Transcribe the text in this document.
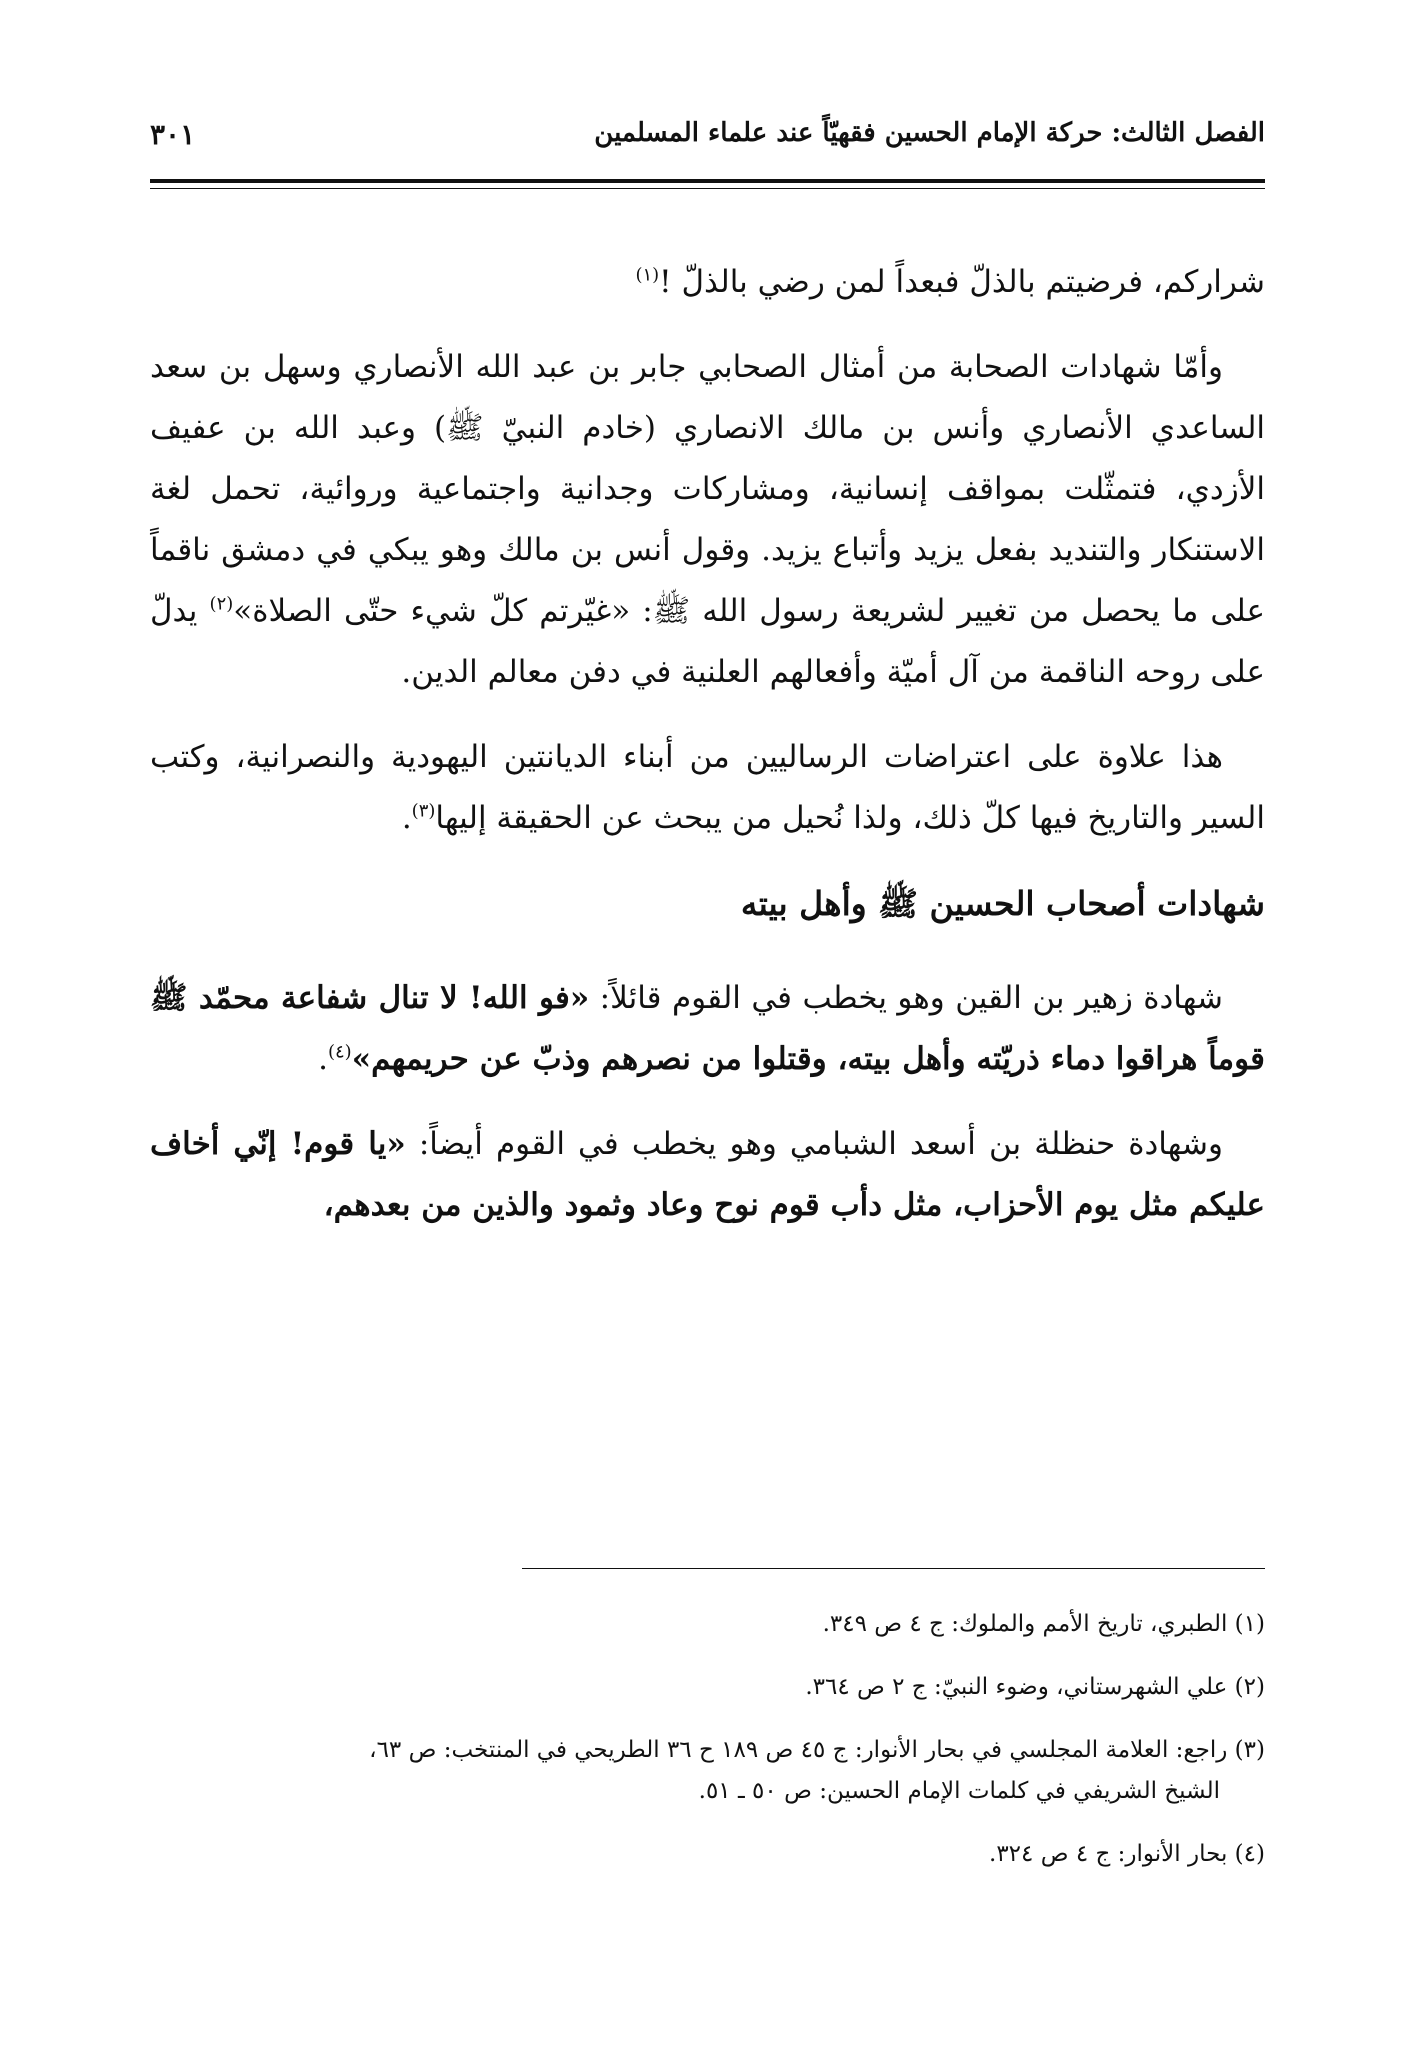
الفصل الثالث: حركة الإمام الحسين فقهيّاً عند علماء المسلمين
٣٠١

شراركم، فرضيتم بالذلّ فبعداً لمن رضي بالذلّ !$^{(١)}$

وأمّا شهادات الصحابة من أمثال الصحابي جابر بن عبد الله الأنصاري وسهل بن سعد الساعدي الأنصاري وأنس بن مالك الانصاري (خادم النبيّ ﷺ) وعبد الله بن عفيف الأزدي، فتمثّلت بمواقف إنسانية، ومشاركات وجدانية واجتماعية وروائية، تحمل لغة الاستنكار والتنديد بفعل يزيد وأتباع يزيد. وقول أنس بن مالك وهو يبكي في دمشق ناقماً على ما يحصل من تغيير لشريعة رسول الله ﷺ: «غيّرتم كلّ شيء حتّى الصلاة»$^{(٢)}$ يدلّ على روحه الناقمة من آل أميّة وأفعالهم العلنية في دفن معالم الدين.

هذا علاوة على اعتراضات الرساليين من أبناء الديانتين اليهودية والنصرانية، وكتب السير والتاريخ فيها كلّ ذلك، ولذا نُحيل من يبحث عن الحقيقة إليها$^{(٣)}$.

شهادات أصحاب الحسين ﷺ وأهل بيته

شهادة زهير بن القين وهو يخطب في القوم قائلاً: «فو الله! لا تنال شفاعة محمّد ﷺ قوماً هراقوا دماء ذريّته وأهل بيته، وقتلوا من نصرهم وذبّ عن حريمهم»$^{(٤)}$.

وشهادة حنظلة بن أسعد الشبامي وهو يخطب في القوم أيضاً: «يا قوم! إنّي أخاف عليكم مثل يوم الأحزاب، مثل دأب قوم نوح وعاد وثمود والذين من بعدهم،

(١) الطبري، تاريخ الأمم والملوك: ج ٤ ص ٣٤٩.

(٢) علي الشهرستاني، وضوء النبيّ: ج ٢ ص ٣٦٤.

(٣) راجع: العلامة المجلسي في بحار الأنوار: ج ٤٥ ص ١٨٩ ح ٣٦ الطريحي في المنتخب: ص ٦٣،
الشيخ الشريفي في كلمات الإمام الحسين: ص ٥٠ ـ ٥١.

(٤) بحار الأنوار: ج ٤ ص ٣٢٤.
